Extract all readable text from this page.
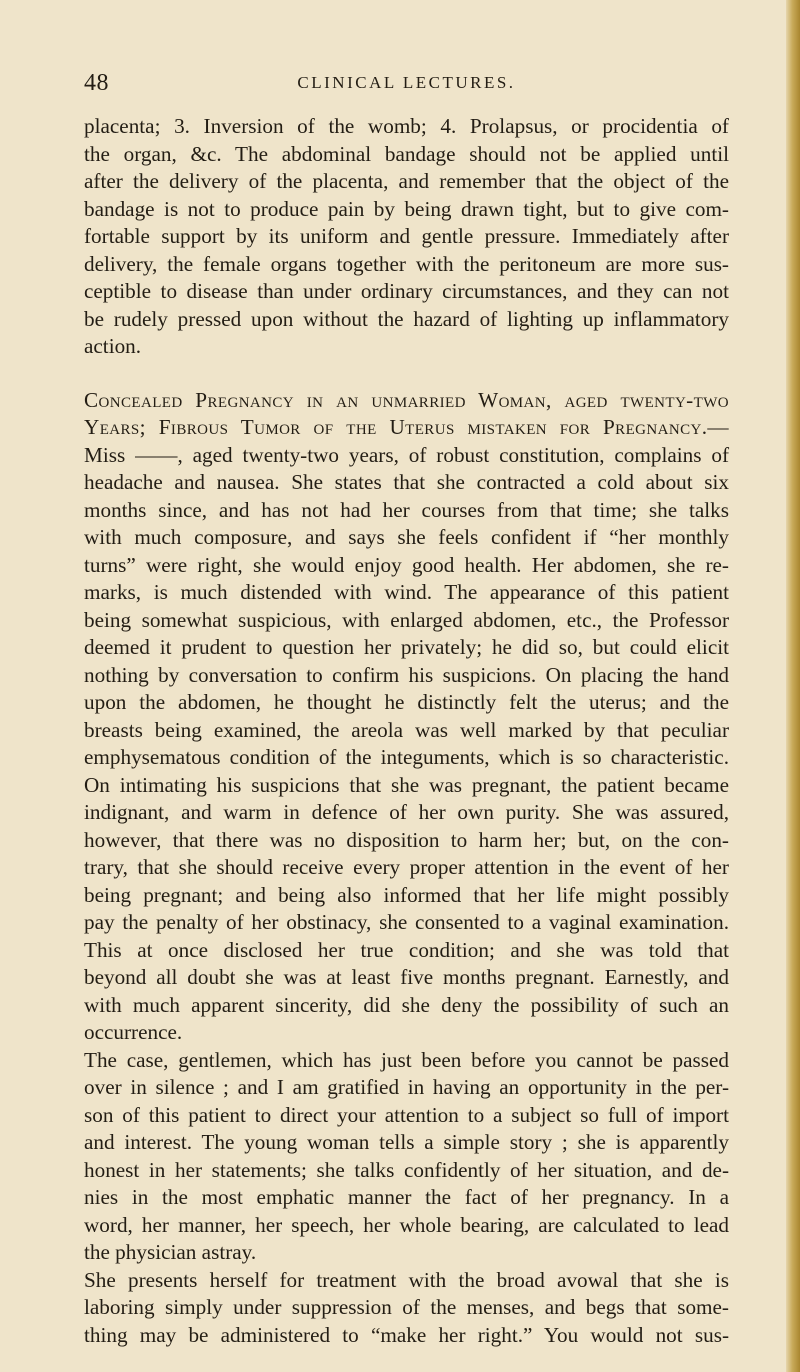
48	CLINICAL LECTURES.
placenta; 3. Inversion of the womb; 4. Prolapsus, or procidentia of
the organ, &c. The abdominal bandage should not be applied until
after the delivery of the placenta, and remember that the object of the
bandage is not to produce pain by being drawn tight, but to give com-
fortable support by its uniform and gentle pressure. Immediately after
delivery, the female organs together with the peritoneum are more sus-
ceptible to disease than under ordinary circumstances, and they can not
be rudely pressed upon without the hazard of lighting up inflammatory
action.
Concealed Pregnancy in an unmarried Woman, aged twenty-two
Years; Fibrous Tumor of the Uterus mistaken for Pregnancy.—
Miss ——, aged twenty-two years, of robust constitution, complains of
headache and nausea. She states that she contracted a cold about six
months since, and has not had her courses from that time; she talks
with much composure, and says she feels confident if “her monthly
turns” were right, she would enjoy good health. Her abdomen, she re-
marks, is much distended with wind. The appearance of this patient
being somewhat suspicious, with enlarged abdomen, etc., the Professor
deemed it prudent to question her privately; he did so, but could elicit
nothing by conversation to confirm his suspicions. On placing the hand
upon the abdomen, he thought he distinctly felt the uterus; and the
breasts being examined, the areola was well marked by that peculiar
emphysematous condition of the integuments, which is so characteristic.
On intimating his suspicions that she was pregnant, the patient became
indignant, and warm in defence of her own purity. She was assured,
however, that there was no disposition to harm her; but, on the con-
trary, that she should receive every proper attention in the event of her
being pregnant; and being also informed that her life might possibly
pay the penalty of her obstinacy, she consented to a vaginal examination.
This at once disclosed her true condition; and she was told that
beyond all doubt she was at least five months pregnant. Earnestly, and
with much apparent sincerity, did she deny the possibility of such an
occurrence.
The case, gentlemen, which has just been before you cannot be passed
over in silence ; and I am gratified in having an opportunity in the per-
son of this patient to direct your attention to a subject so full of import
and interest. The young woman tells a simple story ; she is apparently
honest in her statements; she talks confidently of her situation, and de-
nies in the most emphatic manner the fact of her pregnancy. In a
word, her manner, her speech, her whole bearing, are calculated to lead
the physician astray.
She presents herself for treatment with the broad avowal that she is
laboring simply under suppression of the menses, and begs that some-
thing may be administered to “make her right.” You would not sus-
